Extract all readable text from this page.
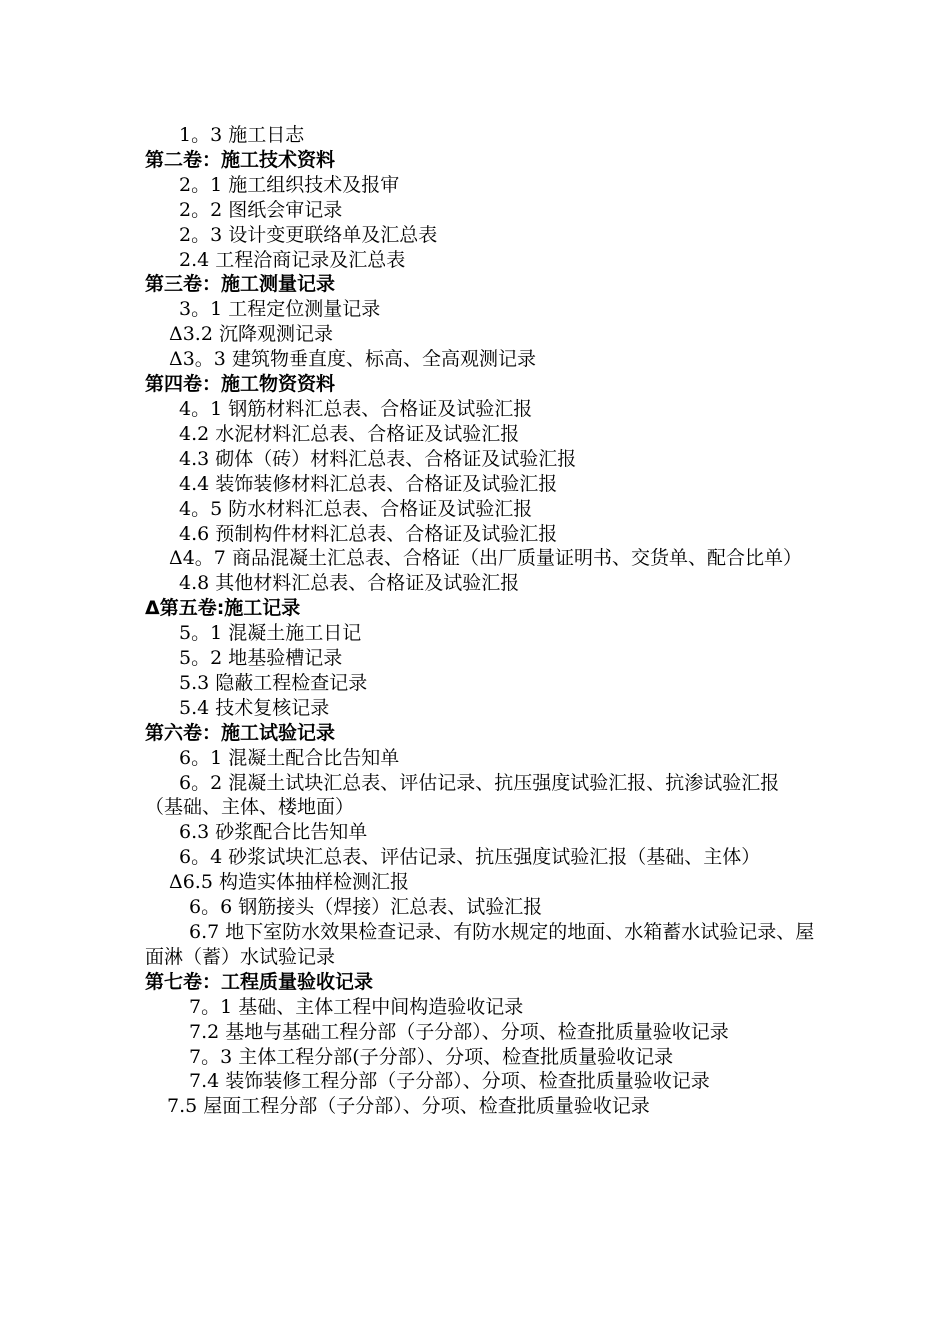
1。3 施工日志
第二卷：施工技术资料
2。1 施工组织技术及报审
2。2 图纸会审记录
2。3 设计变更联络单及汇总表
2.4 工程洽商记录及汇总表
第三卷：施工测量记录
3。1 工程定位测量记录
Δ3.2 沉降观测记录
Δ3。3 建筑物垂直度、标高、全高观测记录
第四卷：施工物资资料
4。1 钢筋材料汇总表、合格证及试验汇报
4.2 水泥材料汇总表、合格证及试验汇报
4.3 砌体（砖）材料汇总表、合格证及试验汇报
4.4 装饰装修材料汇总表、合格证及试验汇报
4。5 防水材料汇总表、合格证及试验汇报
4.6 预制构件材料汇总表、合格证及试验汇报
Δ4。7 商品混凝土汇总表、合格证（出厂质量证明书、交货单、配合比单）
4.8 其他材料汇总表、合格证及试验汇报
Δ第五卷:施工记录
5。1 混凝土施工日记
5。2 地基验槽记录
5.3 隐蔽工程检查记录
5.4 技术复核记录
第六卷：施工试验记录
6。1 混凝土配合比告知单
6。2 混凝土试块汇总表、评估记录、抗压强度试验汇报、抗渗试验汇报（基础、主体、楼地面）
6.3 砂浆配合比告知单
6。4 砂浆试块汇总表、评估记录、抗压强度试验汇报（基础、主体）
Δ6.5 构造实体抽样检测汇报
6。6 钢筋接头（焊接）汇总表、试验汇报
6.7 地下室防水效果检查记录、有防水规定的地面、水箱蓄水试验记录、屋面淋（蓄）水试验记录
第七卷：工程质量验收记录
7。1 基础、主体工程中间构造验收记录
7.2 基地与基础工程分部（子分部）、分项、检查批质量验收记录
7。3 主体工程分部(子分部）、分项、检查批质量验收记录
7.4 装饰装修工程分部（子分部）、分项、检查批质量验收记录
7.5 屋面工程分部（子分部）、分项、检查批质量验收记录
